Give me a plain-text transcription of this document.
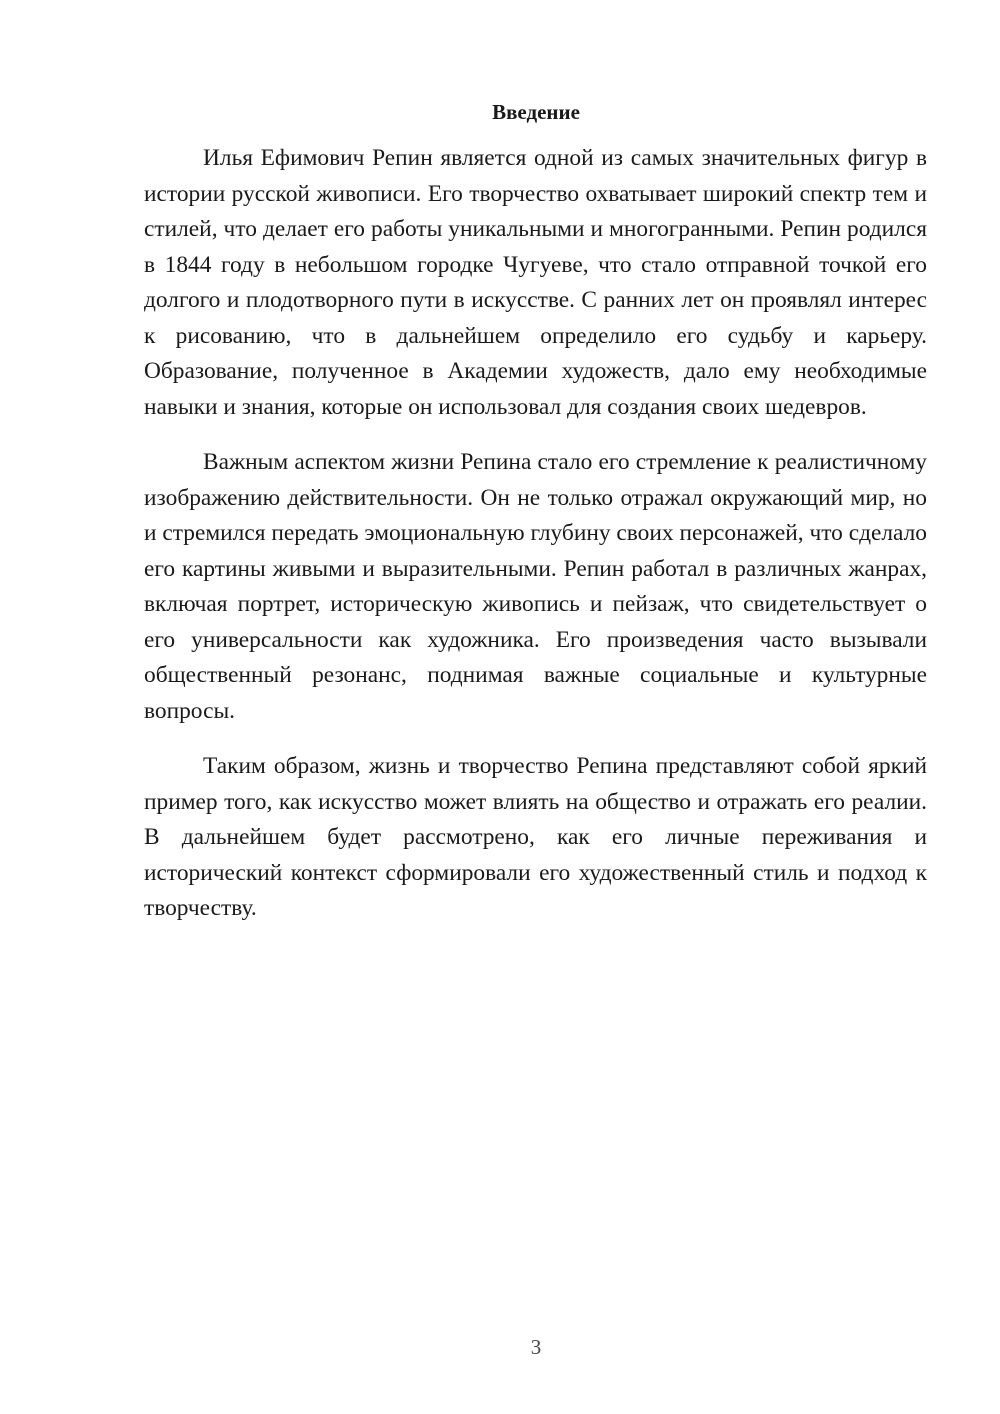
Введение

Илья Ефимович Репин является одной из самых значительных фигур в истории русской живописи. Его творчество охватывает широкий спектр тем и стилей, что делает его работы уникальными и многогранными. Репин родился в 1844 году в небольшом городке Чугуеве, что стало отправной точкой его долгого и плодотворного пути в искусстве. С ранних лет он проявлял интерес к рисованию, что в дальнейшем определило его судьбу и карьеру. Образование, полученное в Академии художеств, дало ему необходимые навыки и знания, которые он использовал для создания своих шедевров.

Важным аспектом жизни Репина стало его стремление к реалистичному изображению действительности. Он не только отражал окружающий мир, но и стремился передать эмоциональную глубину своих персонажей, что сделало его картины живыми и выразительными. Репин работал в различных жанрах, включая портрет, историческую живопись и пейзаж, что свидетельствует о его универсальности как художника. Его произведения часто вызывали общественный резонанс, поднимая важные социальные и культурные вопросы.

Таким образом, жизнь и творчество Репина представляют собой яркий пример того, как искусство может влиять на общество и отражать его реалии. В дальнейшем будет рассмотрено, как его личные переживания и исторический контекст сформировали его художественный стиль и подход к творчеству.

3
